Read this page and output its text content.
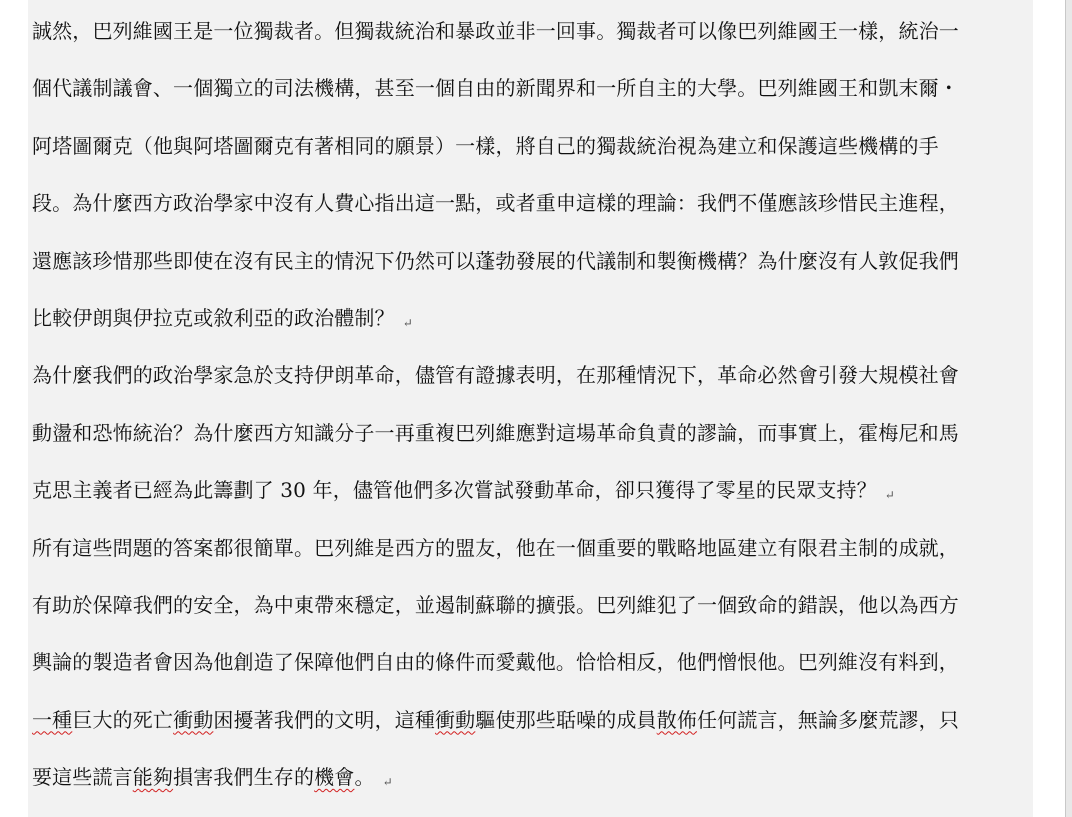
誠然，巴列維國王是一位獨裁者。但獨裁統治和暴政並非一回事。獨裁者可以像巴列維國王一樣，統治一
個代議制議會、一個獨立的司法機構，甚至一個自由的新聞界和一所自主的大學。巴列維國王和凱末爾・
阿塔圖爾克（他與阿塔圖爾克有著相同的願景）一樣，將自己的獨裁統治視為建立和保護這些機構的手
段。為什麼西方政治學家中沒有人費心指出這一點，或者重申這樣的理論：我們不僅應該珍惜民主進程，
還應該珍惜那些即使在沒有民主的情況下仍然可以蓬勃發展的代議制和製衡機構？為什麼沒有人敦促我們
比較伊朗與伊拉克或敘利亞的政治體制？ ↵
為什麼我們的政治學家急於支持伊朗革命，儘管有證據表明，在那種情況下，革命必然會引發大規模社會
動盪和恐怖統治？為什麼西方知識分子一再重複巴列維應對這場革命負責的謬論，而事實上，霍梅尼和馬
克思主義者已經為此籌劃了 30 年，儘管他們多次嘗試發動革命，卻只獲得了零星的民眾支持？ ↵
所有這些問題的答案都很簡單。巴列維是西方的盟友，他在一個重要的戰略地區建立有限君主制的成就，
有助於保障我們的安全，為中東帶來穩定，並遏制蘇聯的擴張。巴列維犯了一個致命的錯誤，他以為西方
輿論的製造者會因為他創造了保障他們自由的條件而愛戴他。恰恰相反，他們憎恨他。巴列維沒有料到，
一種巨大的死亡衝動困擾著我們的文明，這種衝動驅使那些聒噪的成員散佈任何謊言，無論多麼荒謬，只
要這些謊言能夠損害我們生存的機會。 ↵
